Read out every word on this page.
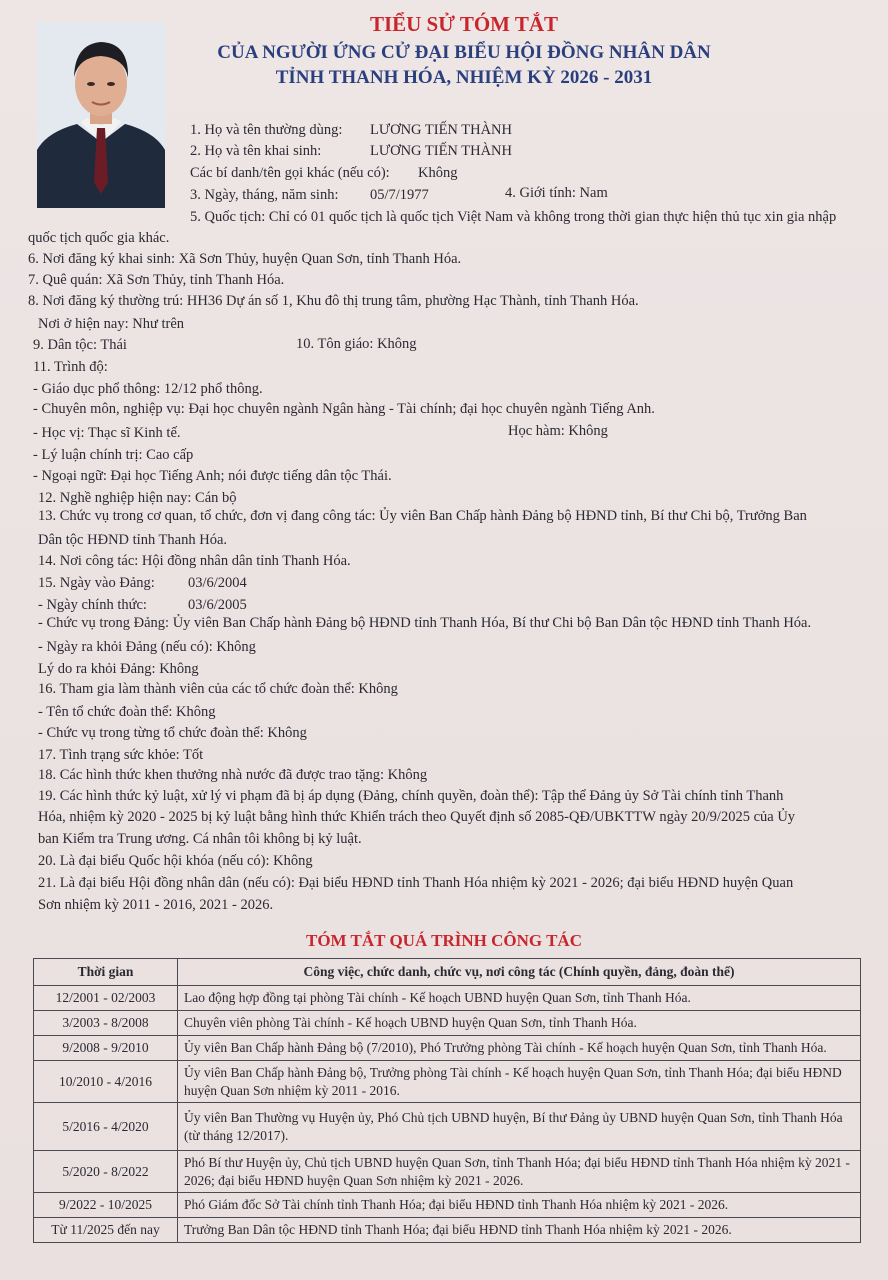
TIỂU SỬ TÓM TẮT
CỦA NGƯỜI ỨNG CỬ ĐẠI BIỂU HỘI ĐỒNG NHÂN DÂN
TỈNH THANH HÓA, NHIỆM KỲ 2026 - 2031
1. Họ và tên thường dùng: LƯƠNG TIẾN THÀNH
2. Họ và tên khai sinh:	LƯƠNG TIẾN THÀNH
Các bí danh/tên gọi khác (nếu có): Không
3. Ngày, tháng, năm sinh: 05/7/1977	4. Giới tính: Nam
5. Quốc tịch: Chỉ có 01 quốc tịch là quốc tịch Việt Nam và không trong thời gian thực hiện thủ tục xin gia nhập
quốc tịch quốc gia khác.
6. Nơi đăng ký khai sinh: Xã Sơn Thủy, huyện Quan Sơn, tỉnh Thanh Hóa.
7. Quê quán: Xã Sơn Thủy, tỉnh Thanh Hóa.
8. Nơi đăng ký thường trú: HH36 Dự án số 1, Khu đô thị trung tâm, phường Hạc Thành, tỉnh Thanh Hóa.
Nơi ở hiện nay: Như trên
9. Dân tộc: Thái	10. Tôn giáo: Không
11. Trình độ:
- Giáo dục phổ thông: 12/12 phổ thông.
- Chuyên môn, nghiệp vụ: Đại học chuyên ngành Ngân hàng - Tài chính; đại học chuyên ngành Tiếng Anh.
- Học vị: Thạc sĩ Kinh tế.	Học hàm: Không
- Lý luận chính trị: Cao cấp
- Ngoại ngữ: Đại học Tiếng Anh; nói được tiếng dân tộc Thái.
12. Nghề nghiệp hiện nay: Cán bộ
13. Chức vụ trong cơ quan, tổ chức, đơn vị đang công tác: Ủy viên Ban Chấp hành Đảng bộ HĐND tỉnh, Bí thư Chi bộ, Trưởng Ban
Dân tộc HĐND tỉnh Thanh Hóa.
14. Nơi công tác: Hội đồng nhân dân tỉnh Thanh Hóa.
15. Ngày vào Đảng: 03/6/2004
- Ngày chính thức:	03/6/2005
- Chức vụ trong Đảng: Ủy viên Ban Chấp hành Đảng bộ HĐND tỉnh Thanh Hóa, Bí thư Chi bộ Ban Dân tộc HĐND tỉnh Thanh Hóa.
- Ngày ra khỏi Đảng (nếu có): Không
Lý do ra khỏi Đảng: Không
16. Tham gia làm thành viên của các tổ chức đoàn thể: Không
- Tên tổ chức đoàn thể: Không
- Chức vụ trong từng tổ chức đoàn thể: Không
17. Tình trạng sức khỏe: Tốt
18. Các hình thức khen thưởng nhà nước đã được trao tặng: Không
19. Các hình thức kỷ luật, xử lý vi phạm đã bị áp dụng (Đảng, chính quyền, đoàn thể): Tập thể Đảng ủy Sở Tài chính tỉnh Thanh
Hóa, nhiệm kỳ 2020 - 2025 bị kỷ luật bằng hình thức Khiển trách theo Quyết định số 2085-QĐ/UBKTTW ngày 20/9/2025 của Ủy
ban Kiểm tra Trung ương. Cá nhân tôi không bị kỷ luật.
20. Là đại biểu Quốc hội khóa (nếu có): Không
21. Là đại biểu Hội đồng nhân dân (nếu có): Đại biểu HĐND tỉnh Thanh Hóa nhiệm kỳ 2021 - 2026; đại biểu HĐND huyện Quan
Sơn nhiệm kỳ 2011 - 2016, 2021 - 2026.
TÓM TẮT QUÁ TRÌNH CÔNG TÁC
Thời gian	Công việc, chức danh, chức vụ, nơi công tác (Chính quyền, đảng, đoàn thể)
12/2001 - 02/2003	Lao động hợp đồng tại phòng Tài chính - Kế hoạch UBND huyện Quan Sơn, tỉnh Thanh Hóa.
3/2003 - 8/2008	Chuyên viên phòng Tài chính - Kế hoạch UBND huyện Quan Sơn, tỉnh Thanh Hóa.
9/2008 - 9/2010	Ủy viên Ban Chấp hành Đảng bộ (7/2010), Phó Trưởng phòng Tài chính - Kế hoạch huyện Quan Sơn, tỉnh Thanh Hóa.
10/2010 - 4/2016	Ủy viên Ban Chấp hành Đảng bộ, Trưởng phòng Tài chính - Kế hoạch huyện Quan Sơn, tỉnh Thanh Hóa; đại biểu HĐND huyện Quan Sơn nhiệm kỳ 2011 - 2016.
5/2016 - 4/2020	Ủy viên Ban Thường vụ Huyện ủy, Phó Chủ tịch UBND huyện, Bí thư Đảng ủy UBND huyện Quan Sơn, tỉnh Thanh Hóa (từ tháng 12/2017).
5/2020 - 8/2022	Phó Bí thư Huyện ủy, Chủ tịch UBND huyện Quan Sơn, tỉnh Thanh Hóa; đại biểu HĐND tỉnh Thanh Hóa nhiệm kỳ 2021 - 2026; đại biểu HĐND huyện Quan Sơn nhiệm kỳ 2021 - 2026.
9/2022 - 10/2025	Phó Giám đốc Sở Tài chính tỉnh Thanh Hóa; đại biểu HĐND tỉnh Thanh Hóa nhiệm kỳ 2021 - 2026.
Từ 11/2025 đến nay	Trưởng Ban Dân tộc HĐND tỉnh Thanh Hóa; đại biểu HĐND tỉnh Thanh Hóa nhiệm kỳ 2021 - 2026.
